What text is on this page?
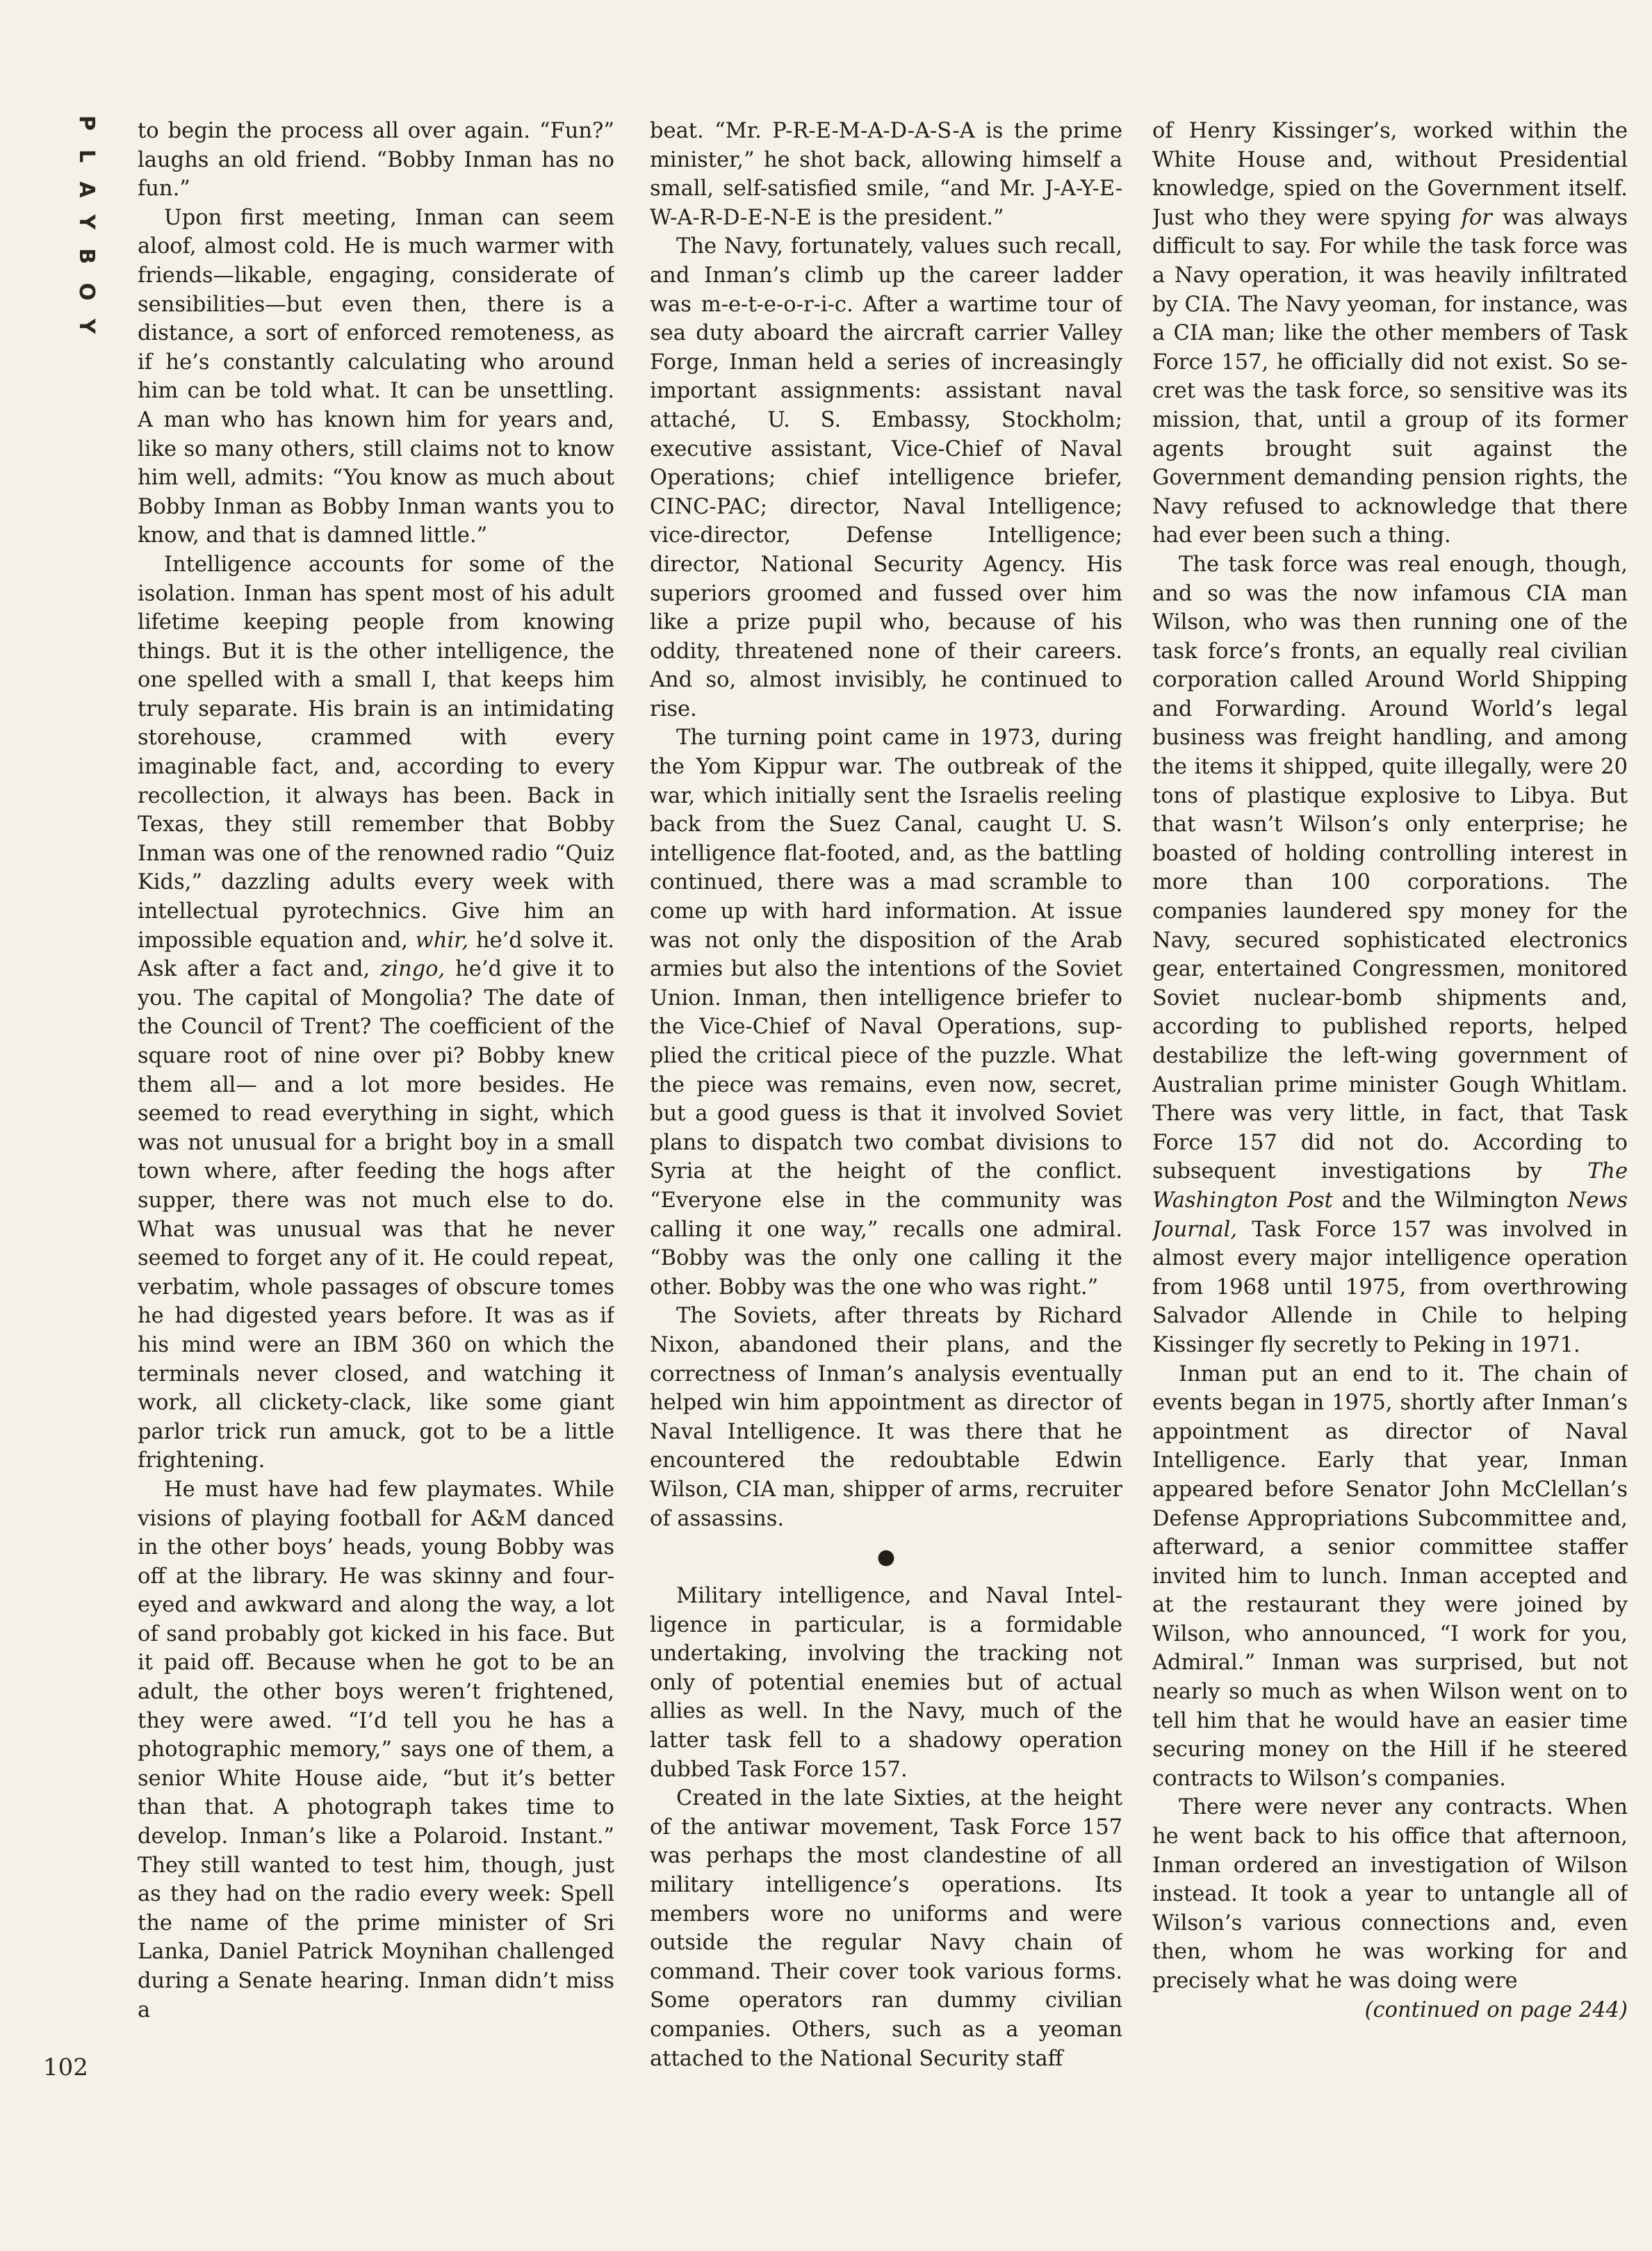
PLAYBOY
102

to begin the process all over again. “Fun?” laughs an old friend. “Bobby Inman has no fun.”

Upon first meeting, Inman can seem aloof, almost cold. He is much warmer with friends—likable, engaging, considerate of sensibilities—but even then, there is a distance, a sort of enforced remoteness, as if he’s constantly calculating who around him can be told what. It can be unsettling. A man who has known him for years and, like so many others, still claims not to know him well, admits: “You know as much about Bobby Inman as Bobby Inman wants you to know, and that is damned little.”

Intelligence accounts for some of the isolation. Inman has spent most of his adult lifetime keeping people from knowing things. But it is the other intelligence, the one spelled with a small I, that keeps him truly separate. His brain is an intimidating storehouse, crammed with every imaginable fact, and, according to every recollection, it always has been. Back in Texas, they still remember that Bobby Inman was one of the renowned radio “Quiz Kids,” dazzling adults every week with intellectual pyrotechnics. Give him an impossible equation and, whir, he’d solve it. Ask after a fact and, zingo, he’d give it to you. The capital of Mongolia? The date of the Council of Trent? The coefficient of the square root of nine over pi? Bobby knew them all— and a lot more besides. He seemed to read everything in sight, which was not unusual for a bright boy in a small town where, after feeding the hogs after supper, there was not much else to do. What was unusual was that he never seemed to forget any of it. He could repeat, verbatim, whole passages of obscure tomes he had digested years before. It was as if his mind were an IBM 360 on which the terminals never closed, and watching it work, all clickety-clack, like some giant parlor trick run amuck, got to be a little frightening.

He must have had few playmates. While visions of playing football for A&M danced in the other boys’ heads, young Bobby was off at the library. He was skinny and four-eyed and awkward and along the way, a lot of sand probably got kicked in his face. But it paid off. Because when he got to be an adult, the other boys weren’t frightened, they were awed. “I’d tell you he has a photographic memory,” says one of them, a senior White House aide, “but it’s better than that. A photograph takes time to develop. Inman’s like a Polaroid. Instant.” They still wanted to test him, though, just as they had on the radio every week: Spell the name of the prime minister of Sri Lanka, Daniel Patrick Moynihan challenged during a Senate hearing. Inman didn’t miss a

beat. “Mr. P-R-E-M-A-D-A-S-A is the prime minister,” he shot back, allowing himself a small, self-satisfied smile, “and Mr. J-A-Y-E-W-A-R-D-E-N-E is the president.”

The Navy, fortunately, values such recall, and Inman’s climb up the career ladder was m-e-t-e-o-r-i-c. After a wartime tour of sea duty aboard the aircraft carrier Valley Forge, Inman held a series of increasingly important assignments: assistant naval attaché, U. S. Embassy, Stockholm; executive assistant, Vice-Chief of Naval Operations; chief intelligence briefer, CINC-PAC; director, Naval Intelligence; vice-director, Defense Intelligence; director, National Security Agency. His superiors groomed and fussed over him like a prize pupil who, because of his oddity, threatened none of their careers. And so, almost invisibly, he continued to rise.

The turning point came in 1973, during the Yom Kippur war. The outbreak of the war, which initially sent the Israelis reeling back from the Suez Canal, caught U. S. intelligence flat-footed, and, as the battling continued, there was a mad scramble to come up with hard information. At issue was not only the disposition of the Arab armies but also the intentions of the Soviet Union. Inman, then intelligence briefer to the Vice-Chief of Naval Operations, supplied the critical piece of the puzzle. What the piece was remains, even now, secret, but a good guess is that it involved Soviet plans to dispatch two combat divisions to Syria at the height of the conflict. “Everyone else in the community was calling it one way,” recalls one admiral. “Bobby was the only one calling it the other. Bobby was the one who was right.”

The Soviets, after threats by Richard Nixon, abandoned their plans, and the correctness of Inman’s analysis eventually helped win him appointment as director of Naval Intelligence. It was there that he encountered the redoubtable Edwin Wilson, CIA man, shipper of arms, recruiter of assassins.

●

Military intelligence, and Naval Intelligence in particular, is a formidable undertaking, involving the tracking not only of potential enemies but of actual allies as well. In the Navy, much of the latter task fell to a shadowy operation dubbed Task Force 157.

Created in the late Sixties, at the height of the antiwar movement, Task Force 157 was perhaps the most clandestine of all military intelligence’s operations. Its members wore no uniforms and were outside the regular Navy chain of command. Their cover took various forms. Some operators ran dummy civilian companies. Others, such as a yeoman attached to the National Security staff

of Henry Kissinger’s, worked within the White House and, without Presidential knowledge, spied on the Government itself. Just who they were spying for was always difficult to say. For while the task force was a Navy operation, it was heavily infiltrated by CIA. The Navy yeoman, for instance, was a CIA man; like the other members of Task Force 157, he officially did not exist. So secret was the task force, so sensitive was its mission, that, until a group of its former agents brought suit against the Government demanding pension rights, the Navy refused to acknowledge that there had ever been such a thing.

The task force was real enough, though, and so was the now infamous CIA man Wilson, who was then running one of the task force’s fronts, an equally real civilian corporation called Around World Shipping and Forwarding. Around World’s legal business was freight handling, and among the items it shipped, quite illegally, were 20 tons of plastique explosive to Libya. But that wasn’t Wilson’s only enterprise; he boasted of holding controlling interest in more than 100 corporations. The companies laundered spy money for the Navy, secured sophisticated electronics gear, entertained Congressmen, monitored Soviet nuclear-bomb shipments and, according to published reports, helped destabilize the left-wing government of Australian prime minister Gough Whitlam. There was very little, in fact, that Task Force 157 did not do. According to subsequent investigations by The Washington Post and the Wilmington News Journal, Task Force 157 was involved in almost every major intelligence operation from 1968 until 1975, from overthrowing Salvador Allende in Chile to helping Kissinger fly secretly to Peking in 1971.

Inman put an end to it. The chain of events began in 1975, shortly after Inman’s appointment as director of Naval Intelligence. Early that year, Inman appeared before Senator John McClellan’s Defense Appropriations Subcommittee and, afterward, a senior committee staffer invited him to lunch. Inman accepted and at the restaurant they were joined by Wilson, who announced, “I work for you, Admiral.” Inman was surprised, but not nearly so much as when Wilson went on to tell him that he would have an easier time securing money on the Hill if he steered contracts to Wilson’s companies.

There were never any contracts. When he went back to his office that afternoon, Inman ordered an investigation of Wilson instead. It took a year to untangle all of Wilson’s various connections and, even then, whom he was working for and precisely what he was doing were

(continued on page 244)
